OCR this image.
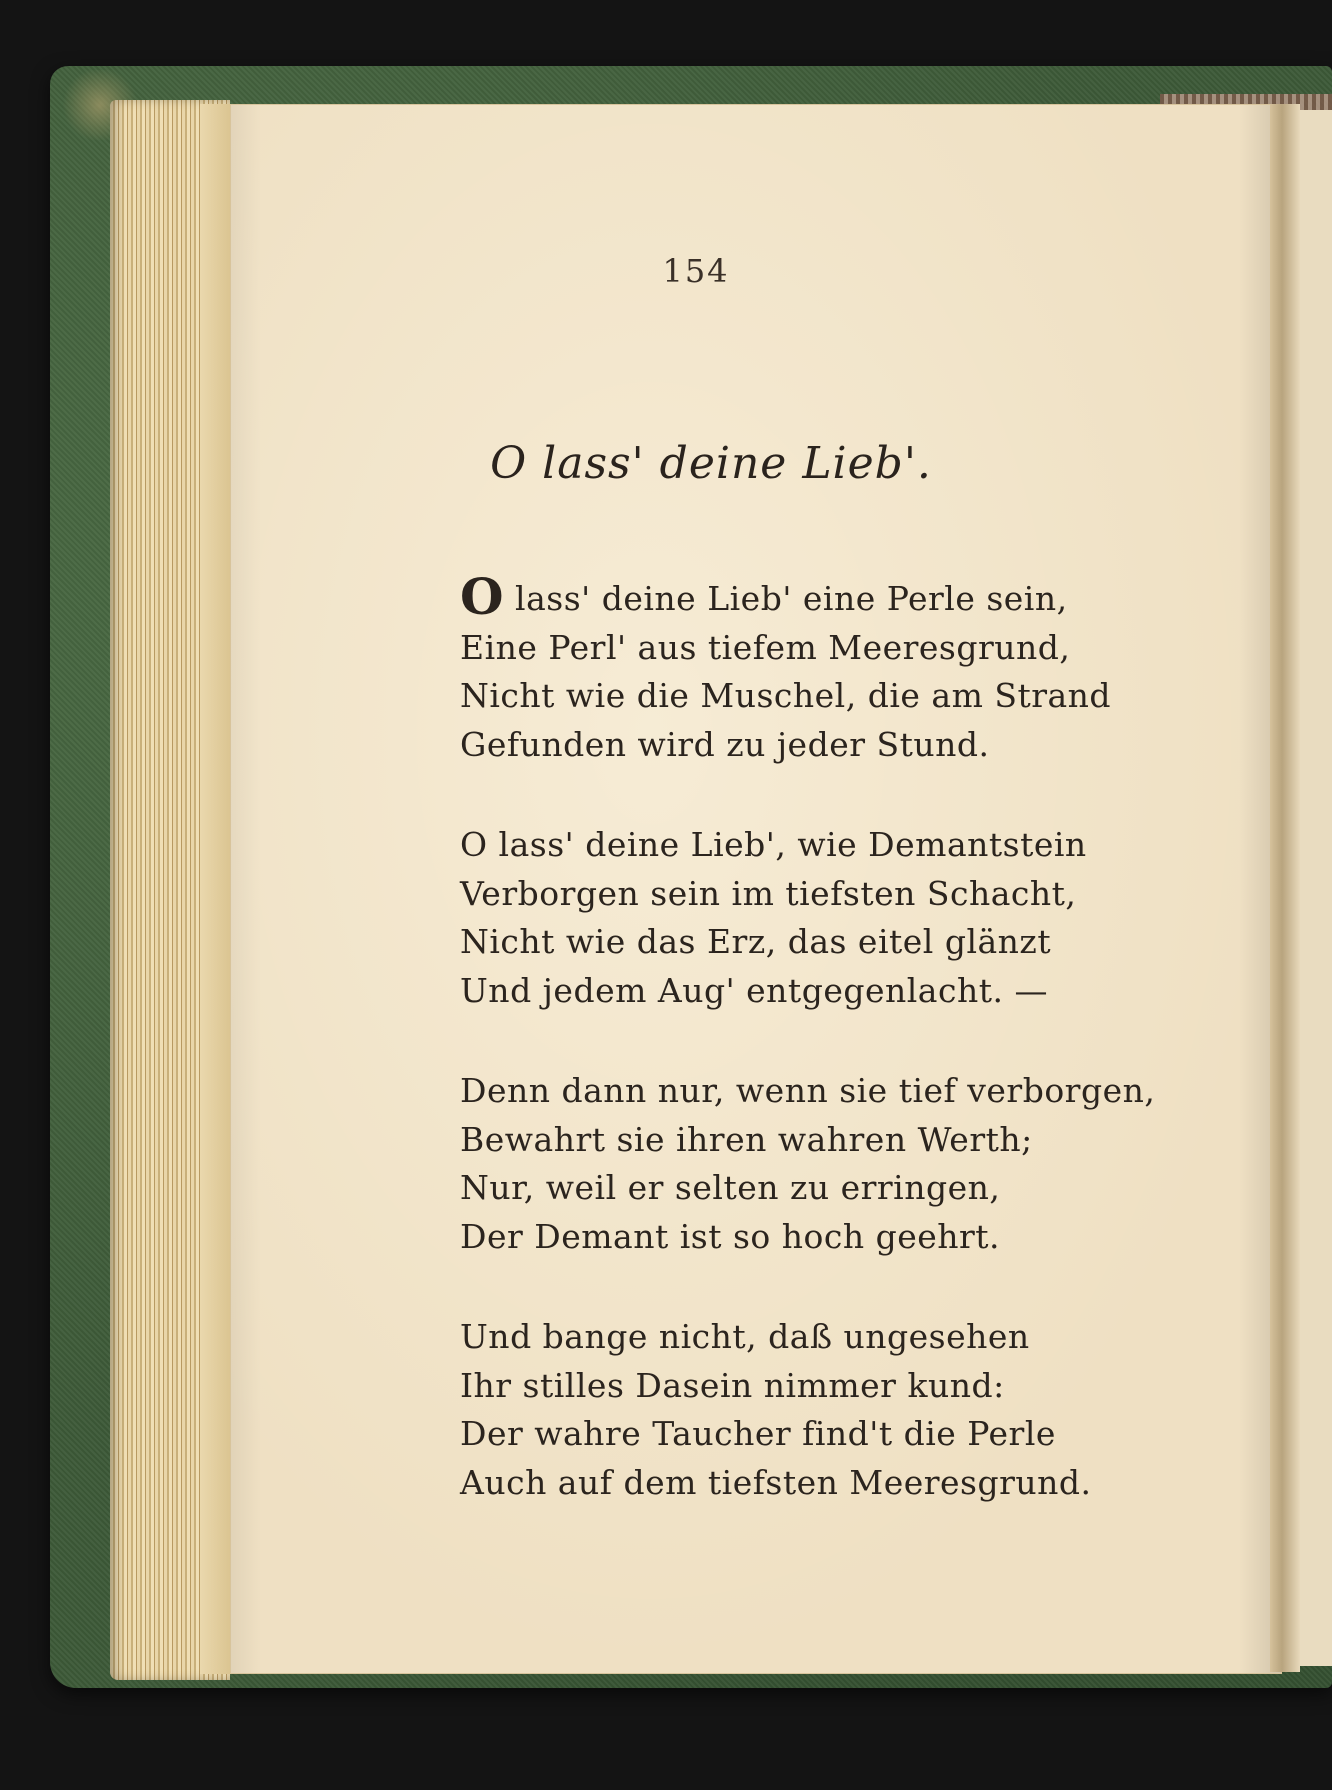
154
O lass' deine Lieb'.
O lass' deine Lieb' eine Perle sein,
Eine Perl' aus tiefem Meeresgrund,
Nicht wie die Muschel, die am Strand
Gefunden wird zu jeder Stund.
O lass' deine Lieb', wie Demantstein
Verborgen sein im tiefsten Schacht,
Nicht wie das Erz, das eitel glänzt
Und jedem Aug' entgegenlacht. —
Denn dann nur, wenn sie tief verborgen,
Bewahrt sie ihren wahren Werth;
Nur, weil er selten zu erringen,
Der Demant ist so hoch geehrt.
Und bange nicht, daß ungesehen
Ihr stilles Dasein nimmer kund:
Der wahre Taucher find't die Perle
Auch auf dem tiefsten Meeresgrund.
